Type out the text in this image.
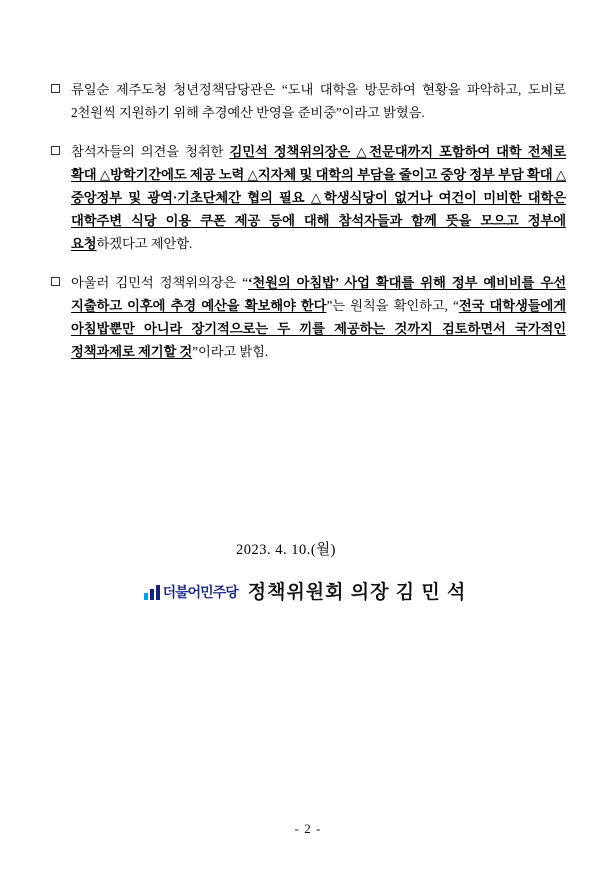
류일순 제주도청 청년정책담당관은 “도내 대학을 방문하여 현황을 파악하고, 도비로 2천원씩 지원하기 위해 추경예산 반영을 준비중”이라고 밝혔음.
참석자들의 의견을 청취한 김민석 정책위의장은 △전문대까지 포함하여 대학 전체로 확대 △방학기간에도 제공 노력 △지자체 및 대학의 부담을 줄이고 중앙 정부 부담 확대 △중앙정부 및 광역·기초단체간 협의 필요 △학생식당이 없거나 여건이 미비한 대학은 대학주변 식당 이용 쿠폰 제공 등에 대해 참석자들과 함께 뜻을 모으고 정부에 요청하겠다고 제안함.
아울러 김민석 정책위의장은 “‘천원의 아침밥’ 사업 확대를 위해 정부 예비비를 우선 지출하고 이후에 추경 예산을 확보해야 한다”는 원칙을 확인하고, “전국 대학생들에게 아침밥뿐만 아니라 장기적으로는 두 끼를 제공하는 것까지 검토하면서 국가적인 정책과제로 제기할 것”이라고 밝힘.
2023. 4. 10.(월)
더불어민주당 정책위원회 의장 김 민 석
- 2 -
